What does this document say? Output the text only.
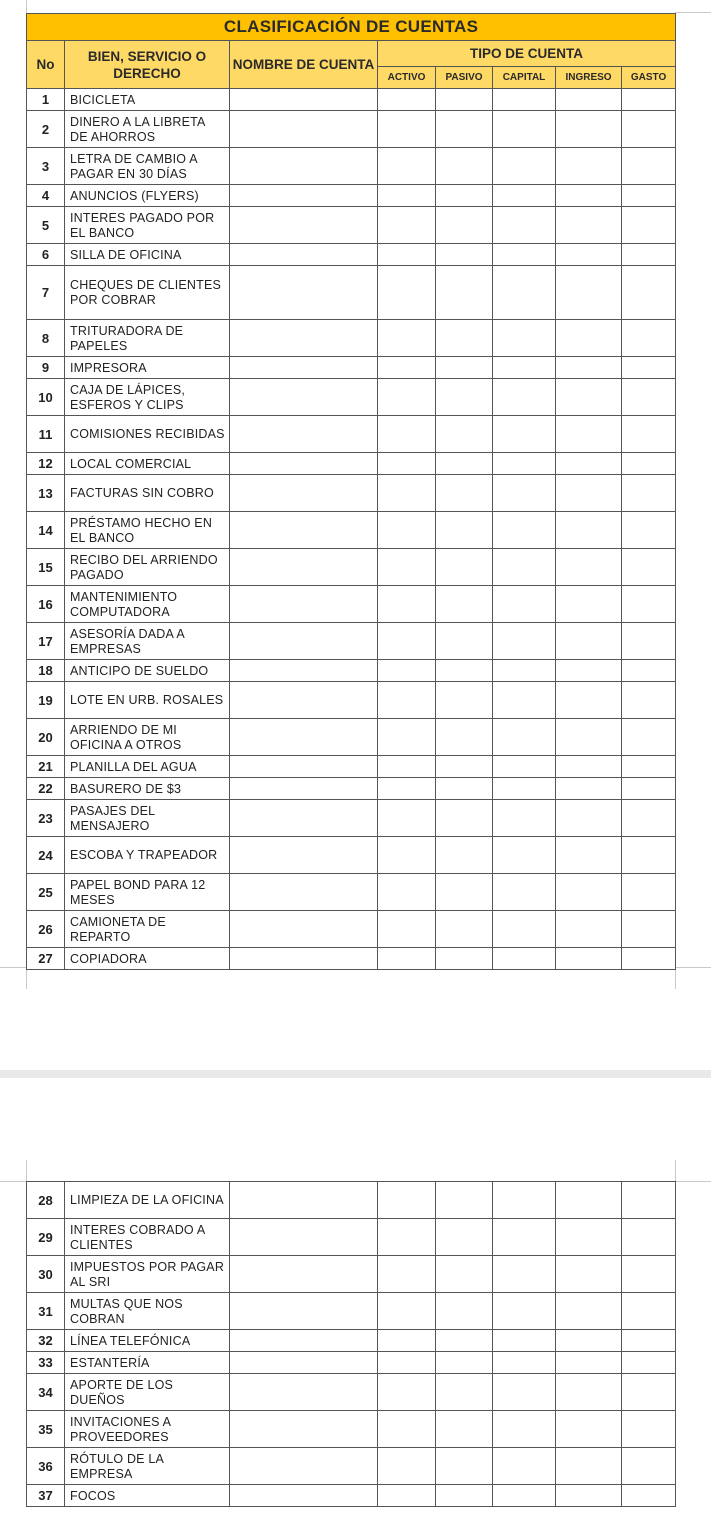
CLASIFICACIÓN DE CUENTAS							
No	BIEN, SERVICIO O DERECHO	NOMBRE DE CUENTA	TIPO DE CUENTA				
			ACTIVO	PASIVO	CAPITAL	INGRESO	GASTO
1	BICICLETA						
2	DINERO A LA LIBRETA DE AHORROS						
3	LETRA DE CAMBIO A PAGAR EN 30 DÍAS						
4	ANUNCIOS (FLYERS)						
5	INTERES PAGADO POR EL BANCO						
6	SILLA DE OFICINA						
7	CHEQUES DE CLIENTES POR COBRAR						
8	TRITURADORA DE PAPELES						
9	IMPRESORA						
10	CAJA DE LÁPICES, ESFEROS Y CLIPS						
11	COMISIONES RECIBIDAS						
12	LOCAL COMERCIAL						
13	FACTURAS SIN COBRO						
14	PRÉSTAMO HECHO EN EL BANCO						
15	RECIBO DEL ARRIENDO PAGADO						
16	MANTENIMIENTO COMPUTADORA						
17	ASESORÍA DADA A EMPRESAS						
18	ANTICIPO DE SUELDO						
19	LOTE EN URB. ROSALES						
20	ARRIENDO DE MI OFICINA A OTROS						
21	PLANILLA DEL AGUA						
22	BASURERO DE $3						
23	PASAJES DEL MENSAJERO						
24	ESCOBA Y TRAPEADOR						
25	PAPEL BOND PARA 12 MESES						
26	CAMIONETA DE REPARTO						
27	COPIADORA						
28	LIMPIEZA DE LA OFICINA						
29	INTERES COBRADO A CLIENTES						
30	IMPUESTOS POR PAGAR AL SRI						
31	MULTAS QUE NOS COBRAN						
32	LÍNEA TELEFÓNICA						
33	ESTANTERÍA						
34	APORTE DE LOS DUEÑOS						
35	INVITACIONES A PROVEEDORES						
36	RÓTULO DE LA EMPRESA						
37	FOCOS						
